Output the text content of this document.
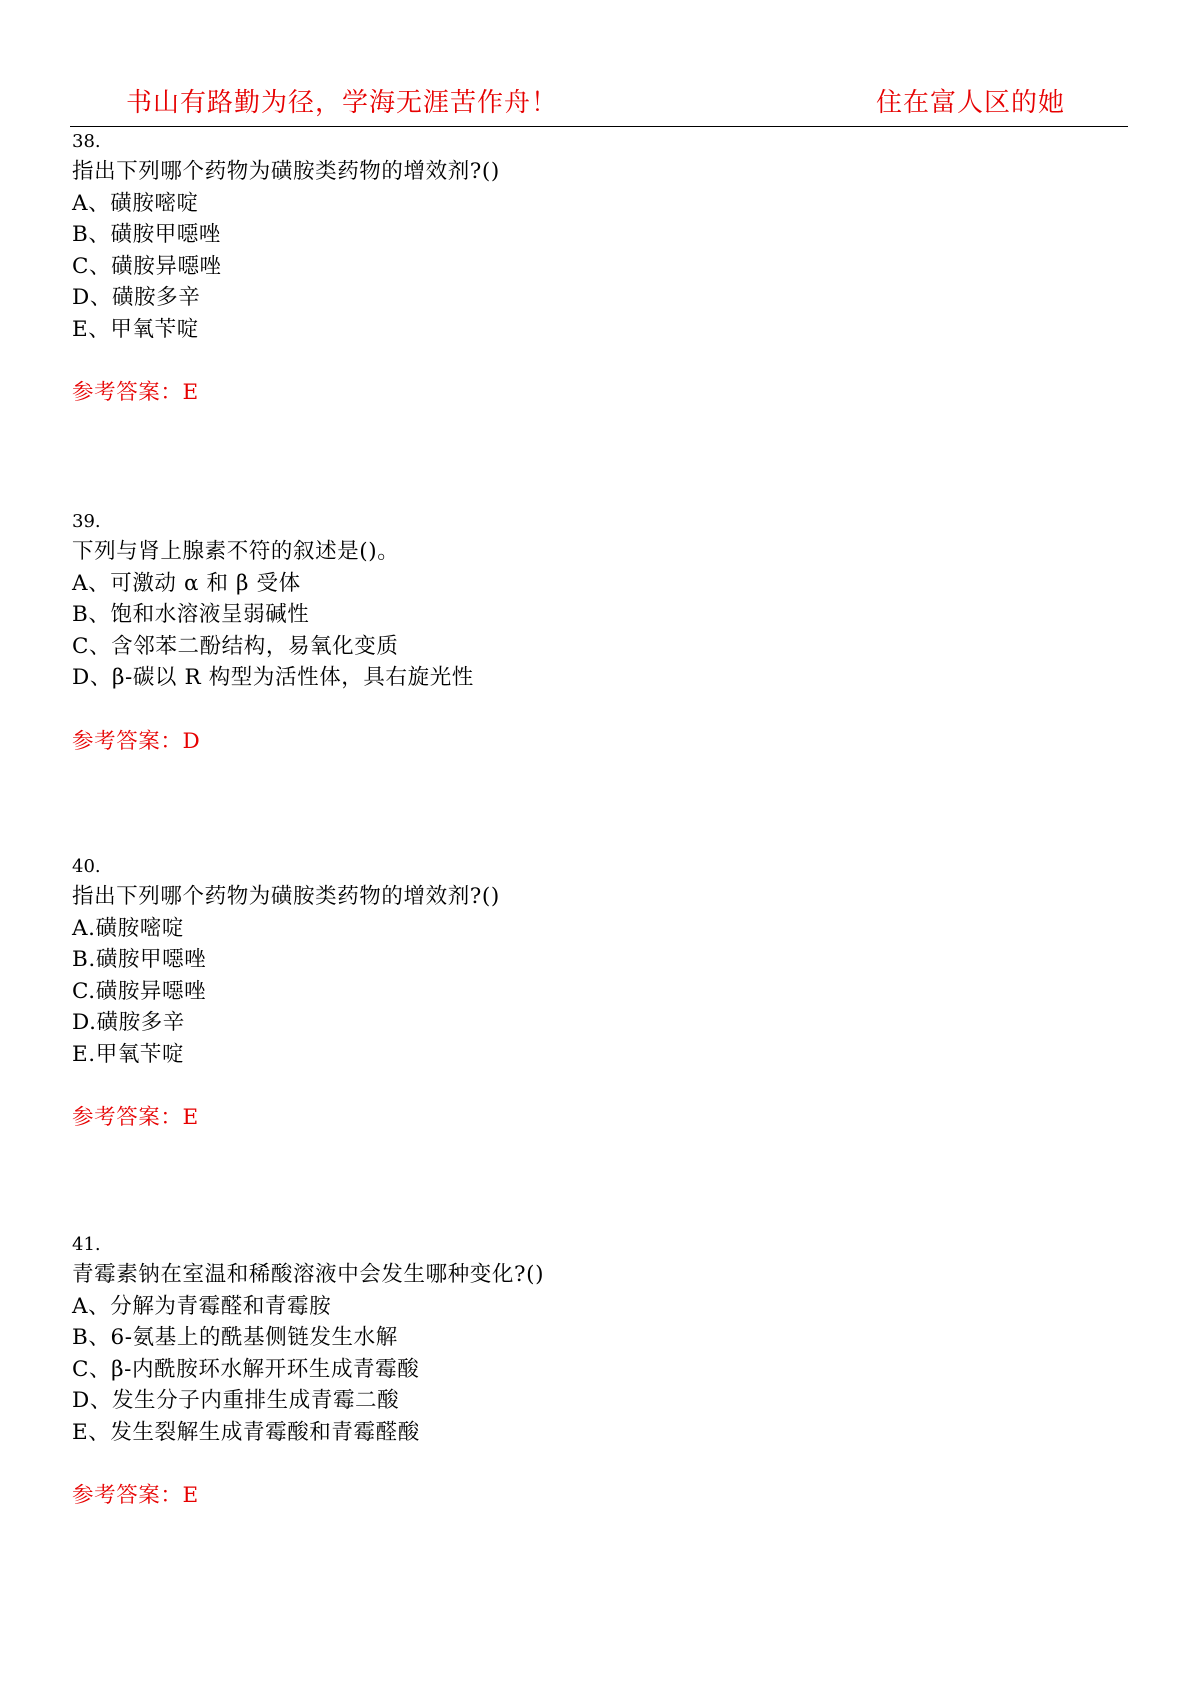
书山有路勤为径，学海无涯苦作舟！	住在富人区的她
38.
指出下列哪个药物为磺胺类药物的增效剂?()
A、磺胺嘧啶
B、磺胺甲噁唑
C、磺胺异噁唑
D、磺胺多辛
E、甲氧苄啶
参考答案：E
39.
下列与肾上腺素不符的叙述是()。
A、可激动 α 和 β 受体
B、饱和水溶液呈弱碱性
C、含邻苯二酚结构，易氧化变质
D、β-碳以 R 构型为活性体，具右旋光性
参考答案：D
40.
指出下列哪个药物为磺胺类药物的增效剂?()
A.磺胺嘧啶
B.磺胺甲噁唑
C.磺胺异噁唑
D.磺胺多辛
E.甲氧苄啶
参考答案：E
41.
青霉素钠在室温和稀酸溶液中会发生哪种变化?()
A、分解为青霉醛和青霉胺
B、6-氨基上的酰基侧链发生水解
C、β-内酰胺环水解开环生成青霉酸
D、发生分子内重排生成青霉二酸
E、发生裂解生成青霉酸和青霉醛酸
参考答案：E
